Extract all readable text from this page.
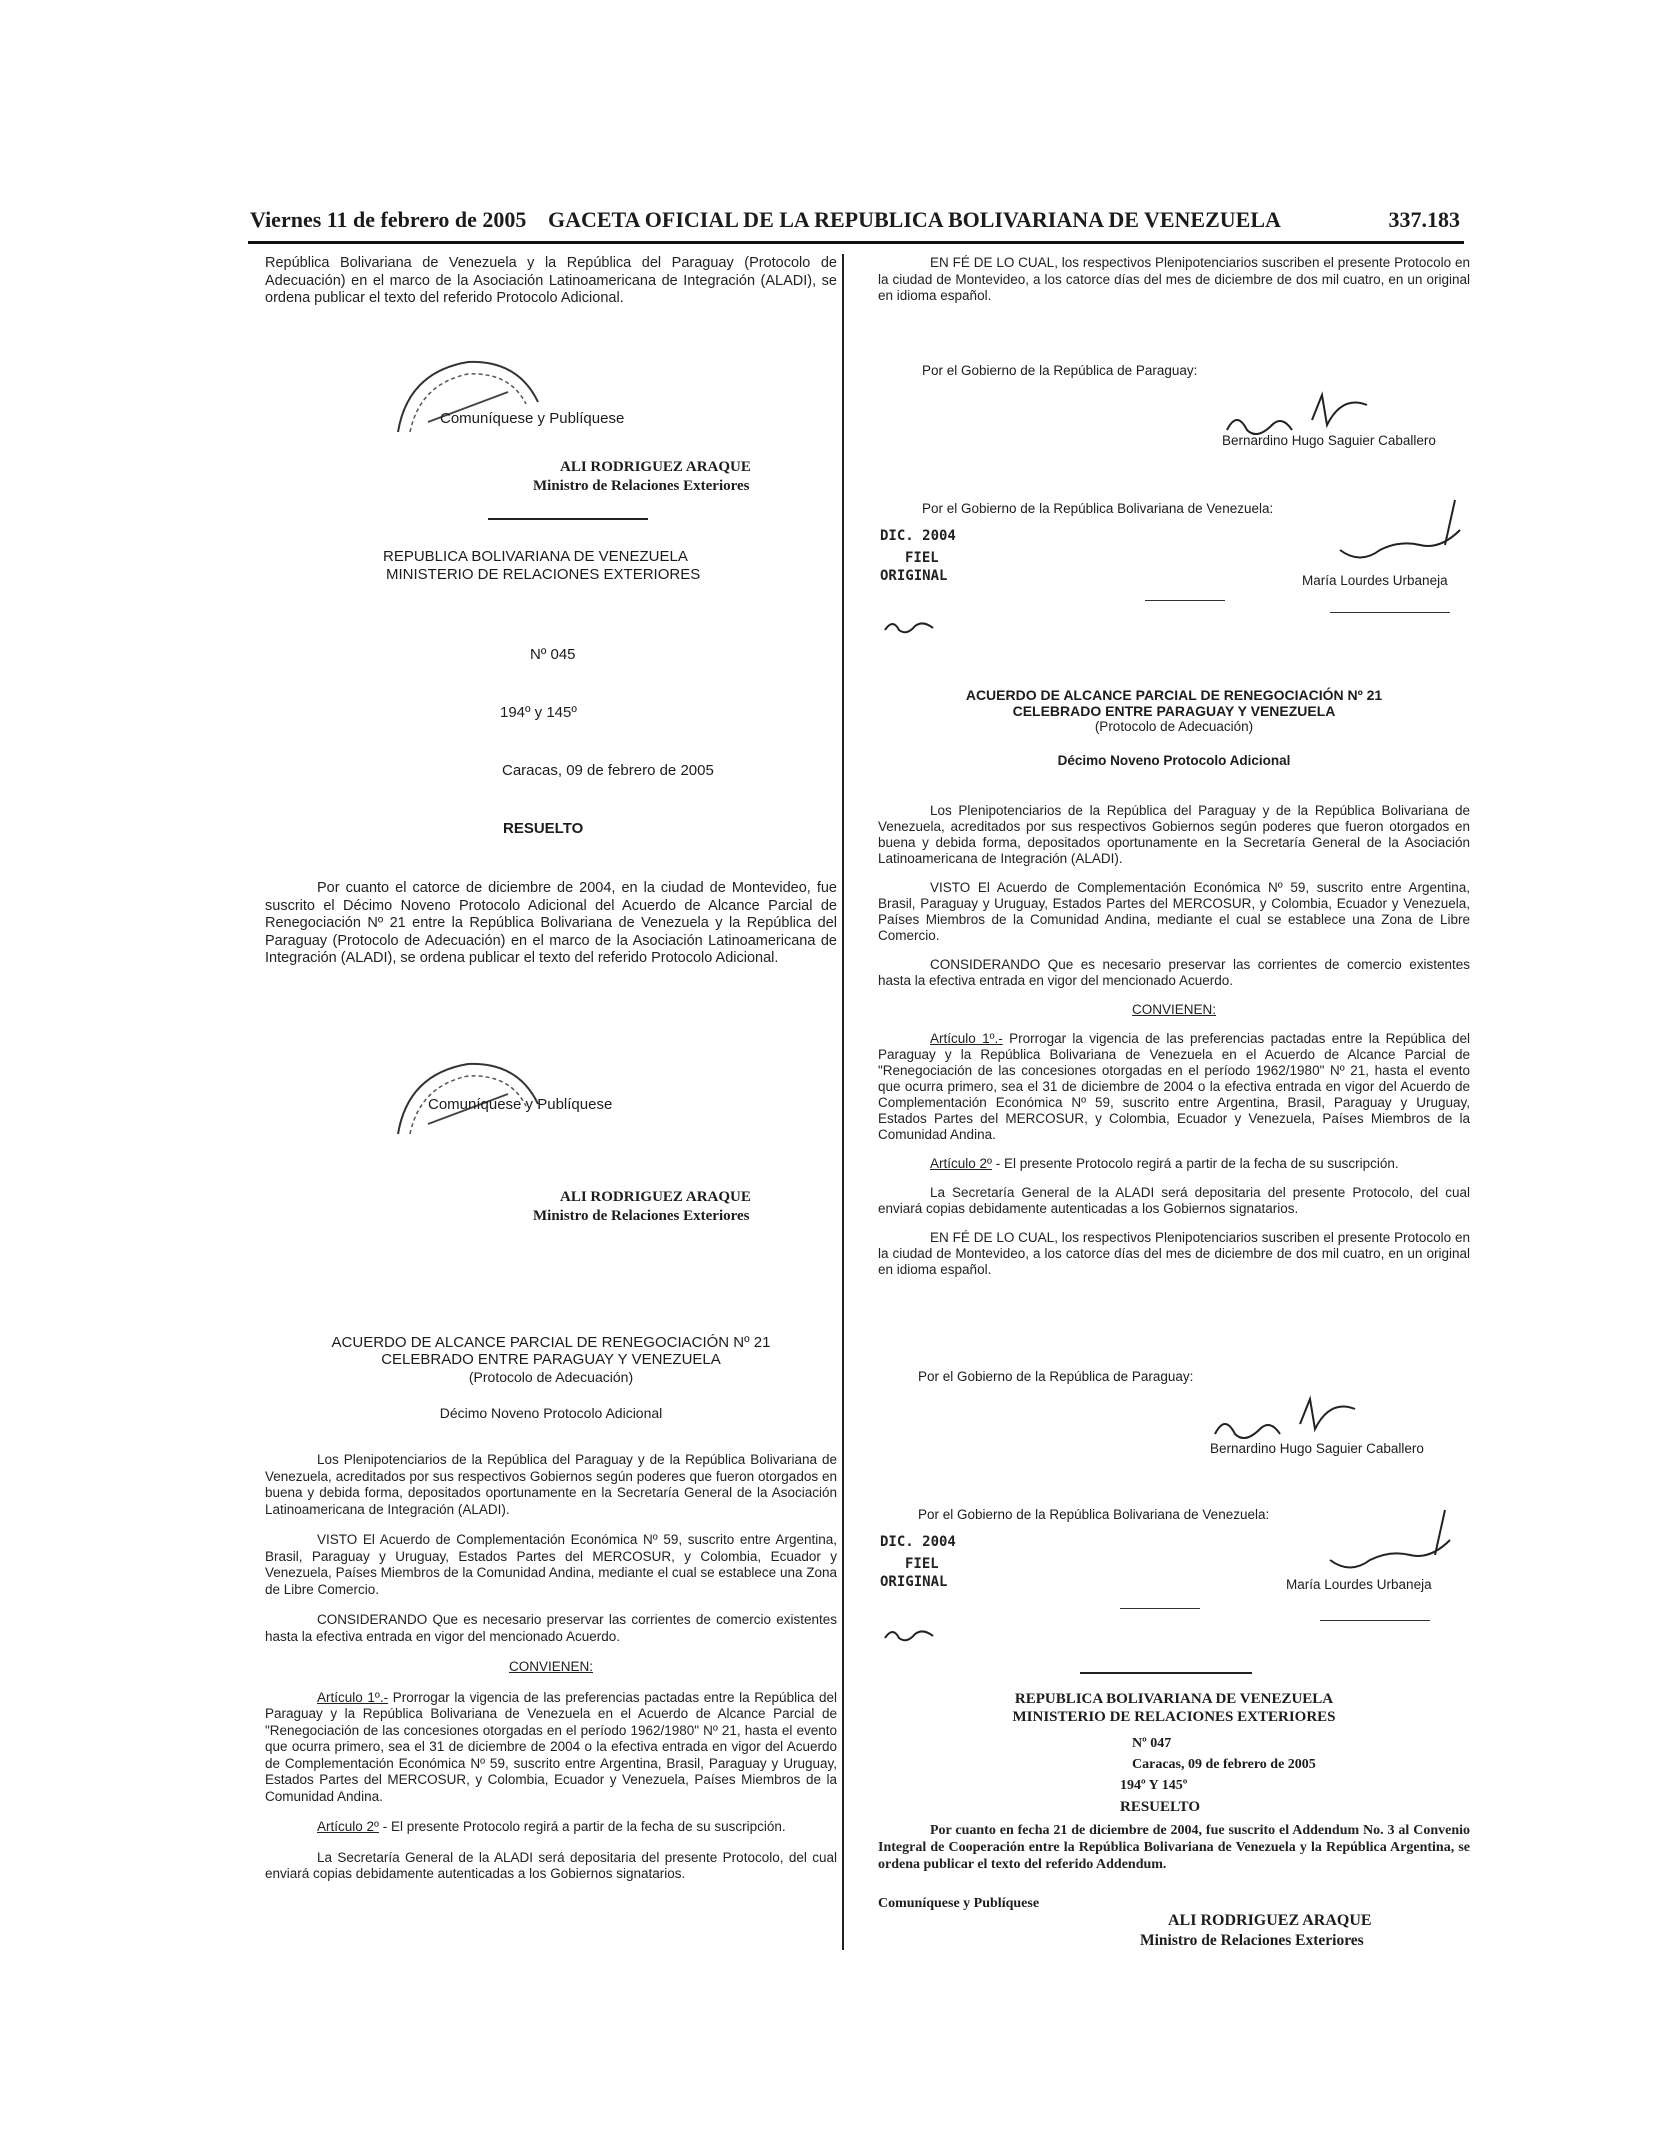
Viernes 11 de febrero de 2005 GACETA OFICIAL DE LA REPUBLICA BOLIVARIANA DE VENEZUELA	337.183

República Bolivariana de Venezuela y la República del Paraguay (Protocolo de Adecuación) en el marco de la Asociación Latinoamericana de Integración (ALADI), se ordena publicar el texto del referido Protocolo Adicional.

Comuníquese y Publíquese
ALI RODRIGUEZ ARAQUE
Ministro de Relaciones Exteriores
REPUBLICA BOLIVARIANA DE VENEZUELA
MINISTERIO DE RELACIONES EXTERIORES
Nº 045
194º y 145º
Caracas, 09 de febrero de 2005
RESUELTO

Por cuanto el catorce de diciembre de 2004, en la ciudad de Montevideo, fue suscrito el Décimo Noveno Protocolo Adicional del Acuerdo de Alcance Parcial de Renegociación Nº 21 entre la República Bolivariana de Venezuela y la República del Paraguay (Protocolo de Adecuación) en el marco de la Asociación Latinoamericana de Integración (ALADI), se ordena publicar el texto del referido Protocolo Adicional.

Comuníquese y Publíquese
ALI RODRIGUEZ ARAQUE
Ministro de Relaciones Exteriores
ACUERDO DE ALCANCE PARCIAL DE RENEGOCIACIÓN Nº 21
CELEBRADO ENTRE PARAGUAY Y VENEZUELA
(Protocolo de Adecuación)
Décimo Noveno Protocolo Adicional

Los Plenipotenciarios de la República del Paraguay y de la República Bolivariana de Venezuela, acreditados por sus respectivos Gobiernos según poderes que fueron otorgados en buena y debida forma, depositados oportunamente en la Secretaría General de la Asociación Latinoamericana de Integración (ALADI).

VISTO El Acuerdo de Complementación Económica Nº 59, suscrito entre Argentina, Brasil, Paraguay y Uruguay, Estados Partes del MERCOSUR, y Colombia, Ecuador y Venezuela, Países Miembros de la Comunidad Andina, mediante el cual se establece una Zona de Libre Comercio.

CONSIDERANDO Que es necesario preservar las corrientes de comercio existentes hasta la efectiva entrada en vigor del mencionado Acuerdo.

CONVIENEN:

Artículo 1º.- Prorrogar la vigencia de las preferencias pactadas entre la República del Paraguay y la República Bolivariana de Venezuela en el Acuerdo de Alcance Parcial de "Renegociación de las concesiones otorgadas en el período 1962/1980" Nº 21, hasta el evento que ocurra primero, sea el 31 de diciembre de 2004 o la efectiva entrada en vigor del Acuerdo de Complementación Económica Nº 59, suscrito entre Argentina, Brasil, Paraguay y Uruguay, Estados Partes del MERCOSUR, y Colombia, Ecuador y Venezuela, Países Miembros de la Comunidad Andina.

Artículo 2º - El presente Protocolo regirá a partir de la fecha de su suscripción.

La Secretaría General de la ALADI será depositaria del presente Protocolo, del cual enviará copias debidamente autenticadas a los Gobiernos signatarios.

EN FÉ DE LO CUAL, los respectivos Plenipotenciarios suscriben el presente Protocolo en la ciudad de Montevideo, a los catorce días del mes de diciembre de dos mil cuatro, en un original en idioma español.

Por el Gobierno de la República de Paraguay:
Bernardino Hugo Saguier Caballero
Por el Gobierno de la República Bolivariana de Venezuela:
DIC. 2004
FIEL
ORIGINAL	María Lourdes Urbaneja
ACUERDO DE ALCANCE PARCIAL DE RENEGOCIACIÓN Nº 21
CELEBRADO ENTRE PARAGUAY Y VENEZUELA
(Protocolo de Adecuación)
Décimo Noveno Protocolo Adicional

Los Plenipotenciarios de la República del Paraguay y de la República Bolivariana de Venezuela, acreditados por sus respectivos Gobiernos según poderes que fueron otorgados en buena y debida forma, depositados oportunamente en la Secretaría General de la Asociación Latinoamericana de Integración (ALADI).

VISTO El Acuerdo de Complementación Económica Nº 59, suscrito entre Argentina, Brasil, Paraguay y Uruguay, Estados Partes del MERCOSUR, y Colombia, Ecuador y Venezuela, Países Miembros de la Comunidad Andina, mediante el cual se establece una Zona de Libre Comercio.

CONSIDERANDO Que es necesario preservar las corrientes de comercio existentes hasta la efectiva entrada en vigor del mencionado Acuerdo.

CONVIENEN:

Artículo 1º.- Prorrogar la vigencia de las preferencias pactadas entre la República del Paraguay y la República Bolivariana de Venezuela en el Acuerdo de Alcance Parcial de "Renegociación de las concesiones otorgadas en el período 1962/1980" Nº 21, hasta el evento que ocurra primero, sea el 31 de diciembre de 2004 o la efectiva entrada en vigor del Acuerdo de Complementación Económica Nº 59, suscrito entre Argentina, Brasil, Paraguay y Uruguay, Estados Partes del MERCOSUR, y Colombia, Ecuador y Venezuela, Países Miembros de la Comunidad Andina.

Artículo 2º - El presente Protocolo regirá a partir de la fecha de su suscripción.

La Secretaría General de la ALADI será depositaria del presente Protocolo, del cual enviará copias debidamente autenticadas a los Gobiernos signatarios.

EN FÉ DE LO CUAL, los respectivos Plenipotenciarios suscriben el presente Protocolo en la ciudad de Montevideo, a los catorce días del mes de diciembre de dos mil cuatro, en un original en idioma español.

Por el Gobierno de la República de Paraguay:
Bernardino Hugo Saguier Caballero
Por el Gobierno de la República Bolivariana de Venezuela:
DIC. 2004
FIEL
ORIGINAL	María Lourdes Urbaneja
REPUBLICA BOLIVARIANA DE VENEZUELA
MINISTERIO DE RELACIONES EXTERIORES
Nº 047
Caracas, 09 de febrero de 2005
194º Y 145º
RESUELTO

Por cuanto en fecha 21 de diciembre de 2004, fue suscrito el Addendum No. 3 al Convenio Integral de Cooperación entre la República Bolivariana de Venezuela y la República Argentina, se ordena publicar el texto del referido Addendum.

Comuníquese y Publíquese
ALI RODRIGUEZ ARAQUE
Ministro de Relaciones Exteriores
